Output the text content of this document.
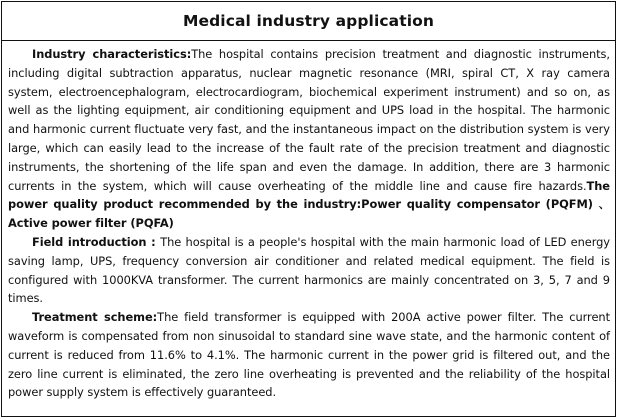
Medical industry application

Industry characteristics:The hospital contains precision treatment and diagnostic instruments, including digital subtraction apparatus, nuclear magnetic resonance (MRI, spiral CT, X ray camera system, electroencephalogram, electrocardiogram, biochemical experiment instrument) and so on, as well as the lighting equipment, air conditioning equipment and UPS load in the hospital. The harmonic and harmonic current fluctuate very fast, and the instantaneous impact on the distribution system is very large, which can easily lead to the increase of the fault rate of the precision treatment and diagnostic instruments, the shortening of the life span and even the damage. In addition, there are 3 harmonic currents in the system, which will cause overheating of the middle line and cause fire hazards.The power quality product recommended by the industry:Power quality compensator (PQFM) 、 Active power filter (PQFA)

Field introduction : The hospital is a people's hospital with the main harmonic load of LED energy saving lamp, UPS, frequency conversion air conditioner and related medical equipment. The field is configured with 1000KVA transformer. The current harmonics are mainly concentrated on 3, 5, 7 and 9 times.

Treatment scheme:The field transformer is equipped with 200A active power filter. The current waveform is compensated from non sinusoidal to standard sine wave state, and the harmonic content of current is reduced from 11.6% to 4.1%. The harmonic current in the power grid is filtered out, and the zero line current is eliminated, the zero line overheating is prevented and the reliability of the hospital power supply system is effectively guaranteed.
